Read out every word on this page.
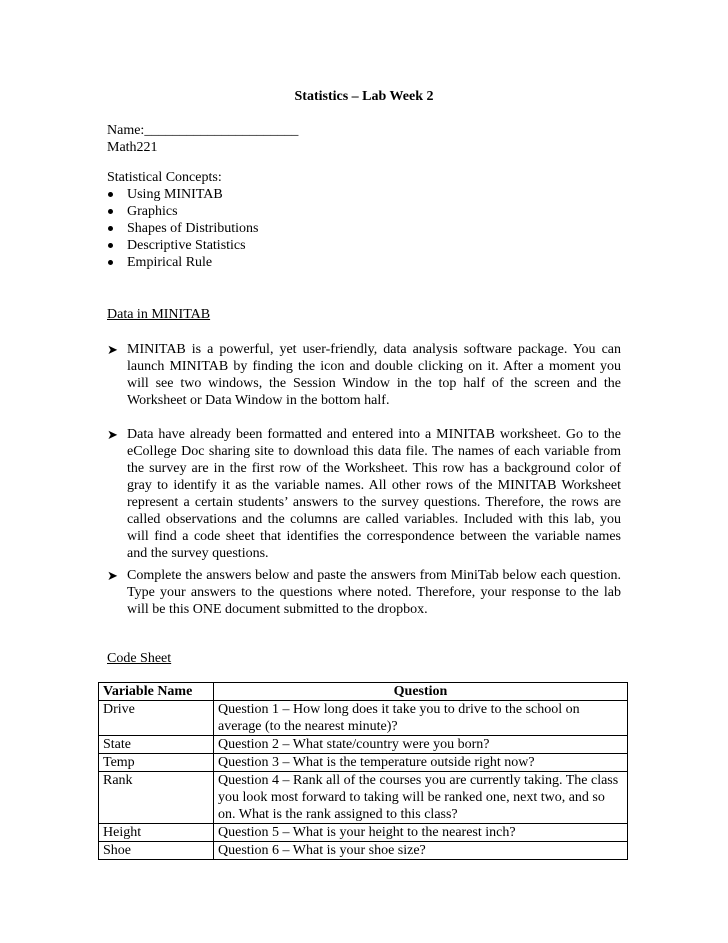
Statistics – Lab Week 2
Name:______________________
Math221
Statistical Concepts:
Using MINITAB
Graphics
Shapes of Distributions
Descriptive Statistics
Empirical Rule
Data in MINITAB
➤ MINITAB is a powerful, yet user-friendly, data analysis software package. You can launch MINITAB by finding the icon and double clicking on it. After a moment you will see two windows, the Session Window in the top half of the screen and the Worksheet or Data Window in the bottom half.
➤ Data have already been formatted and entered into a MINITAB worksheet. Go to the eCollege Doc sharing site to download this data file. The names of each variable from the survey are in the first row of the Worksheet. This row has a background color of gray to identify it as the variable names. All other rows of the MINITAB Worksheet represent a certain students’ answers to the survey questions. Therefore, the rows are called observations and the columns are called variables. Included with this lab, you will find a code sheet that identifies the correspondence between the variable names and the survey questions.
➤ Complete the answers below and paste the answers from MiniTab below each question. Type your answers to the questions where noted. Therefore, your response to the lab will be this ONE document submitted to the dropbox.
Code Sheet
Variable Name	Question
Drive	Question 1 – How long does it take you to drive to the school on average (to the nearest minute)?
State	Question 2 – What state/country were you born?
Temp	Question 3 – What is the temperature outside right now?
Rank	Question 4 – Rank all of the courses you are currently taking. The class you look most forward to taking will be ranked one, next two, and so on. What is the rank assigned to this class?
Height	Question 5 – What is your height to the nearest inch?
Shoe	Question 6 – What is your shoe size?
